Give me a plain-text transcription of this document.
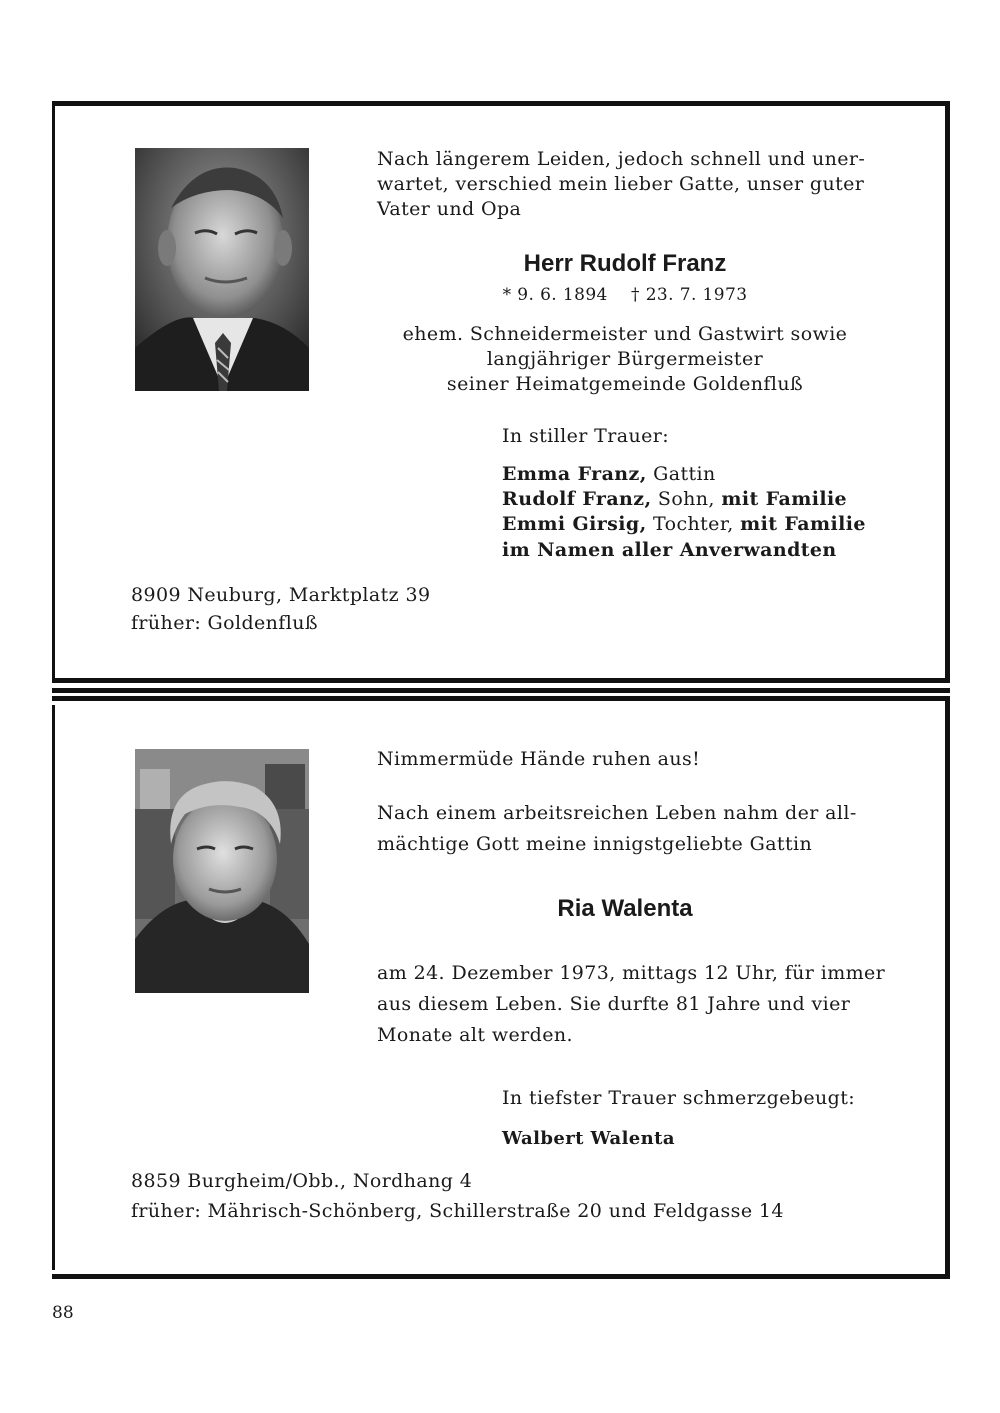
Nach längerem Leiden, jedoch schnell und uner-
wartet, verschied mein lieber Gatte, unser guter
Vater und Opa
Herr Rudolf Franz
* 9. 6. 1894    † 23. 7. 1973
ehem. Schneidermeister und Gastwirt sowie
langjähriger Bürgermeister
seiner Heimatgemeinde Goldenfluß
In stiller Trauer:
Emma Franz, Gattin
Rudolf Franz, Sohn, mit Familie
Emmi Girsig, Tochter, mit Familie
im Namen aller Anverwandten
8909 Neuburg, Marktplatz 39
früher: Goldenfluß
Nimmermüde Hände ruhen aus!
Nach einem arbeitsreichen Leben nahm der all-
mächtige Gott meine innigstgeliebte Gattin
Ria Walenta
am 24. Dezember 1973, mittags 12 Uhr, für immer
aus diesem Leben. Sie durfte 81 Jahre und vier
Monate alt werden.
In tiefster Trauer schmerzgebeugt:
Walbert Walenta
8859 Burgheim/Obb., Nordhang 4
früher: Mährisch-Schönberg, Schillerstraße 20 und Feldgasse 14
88
